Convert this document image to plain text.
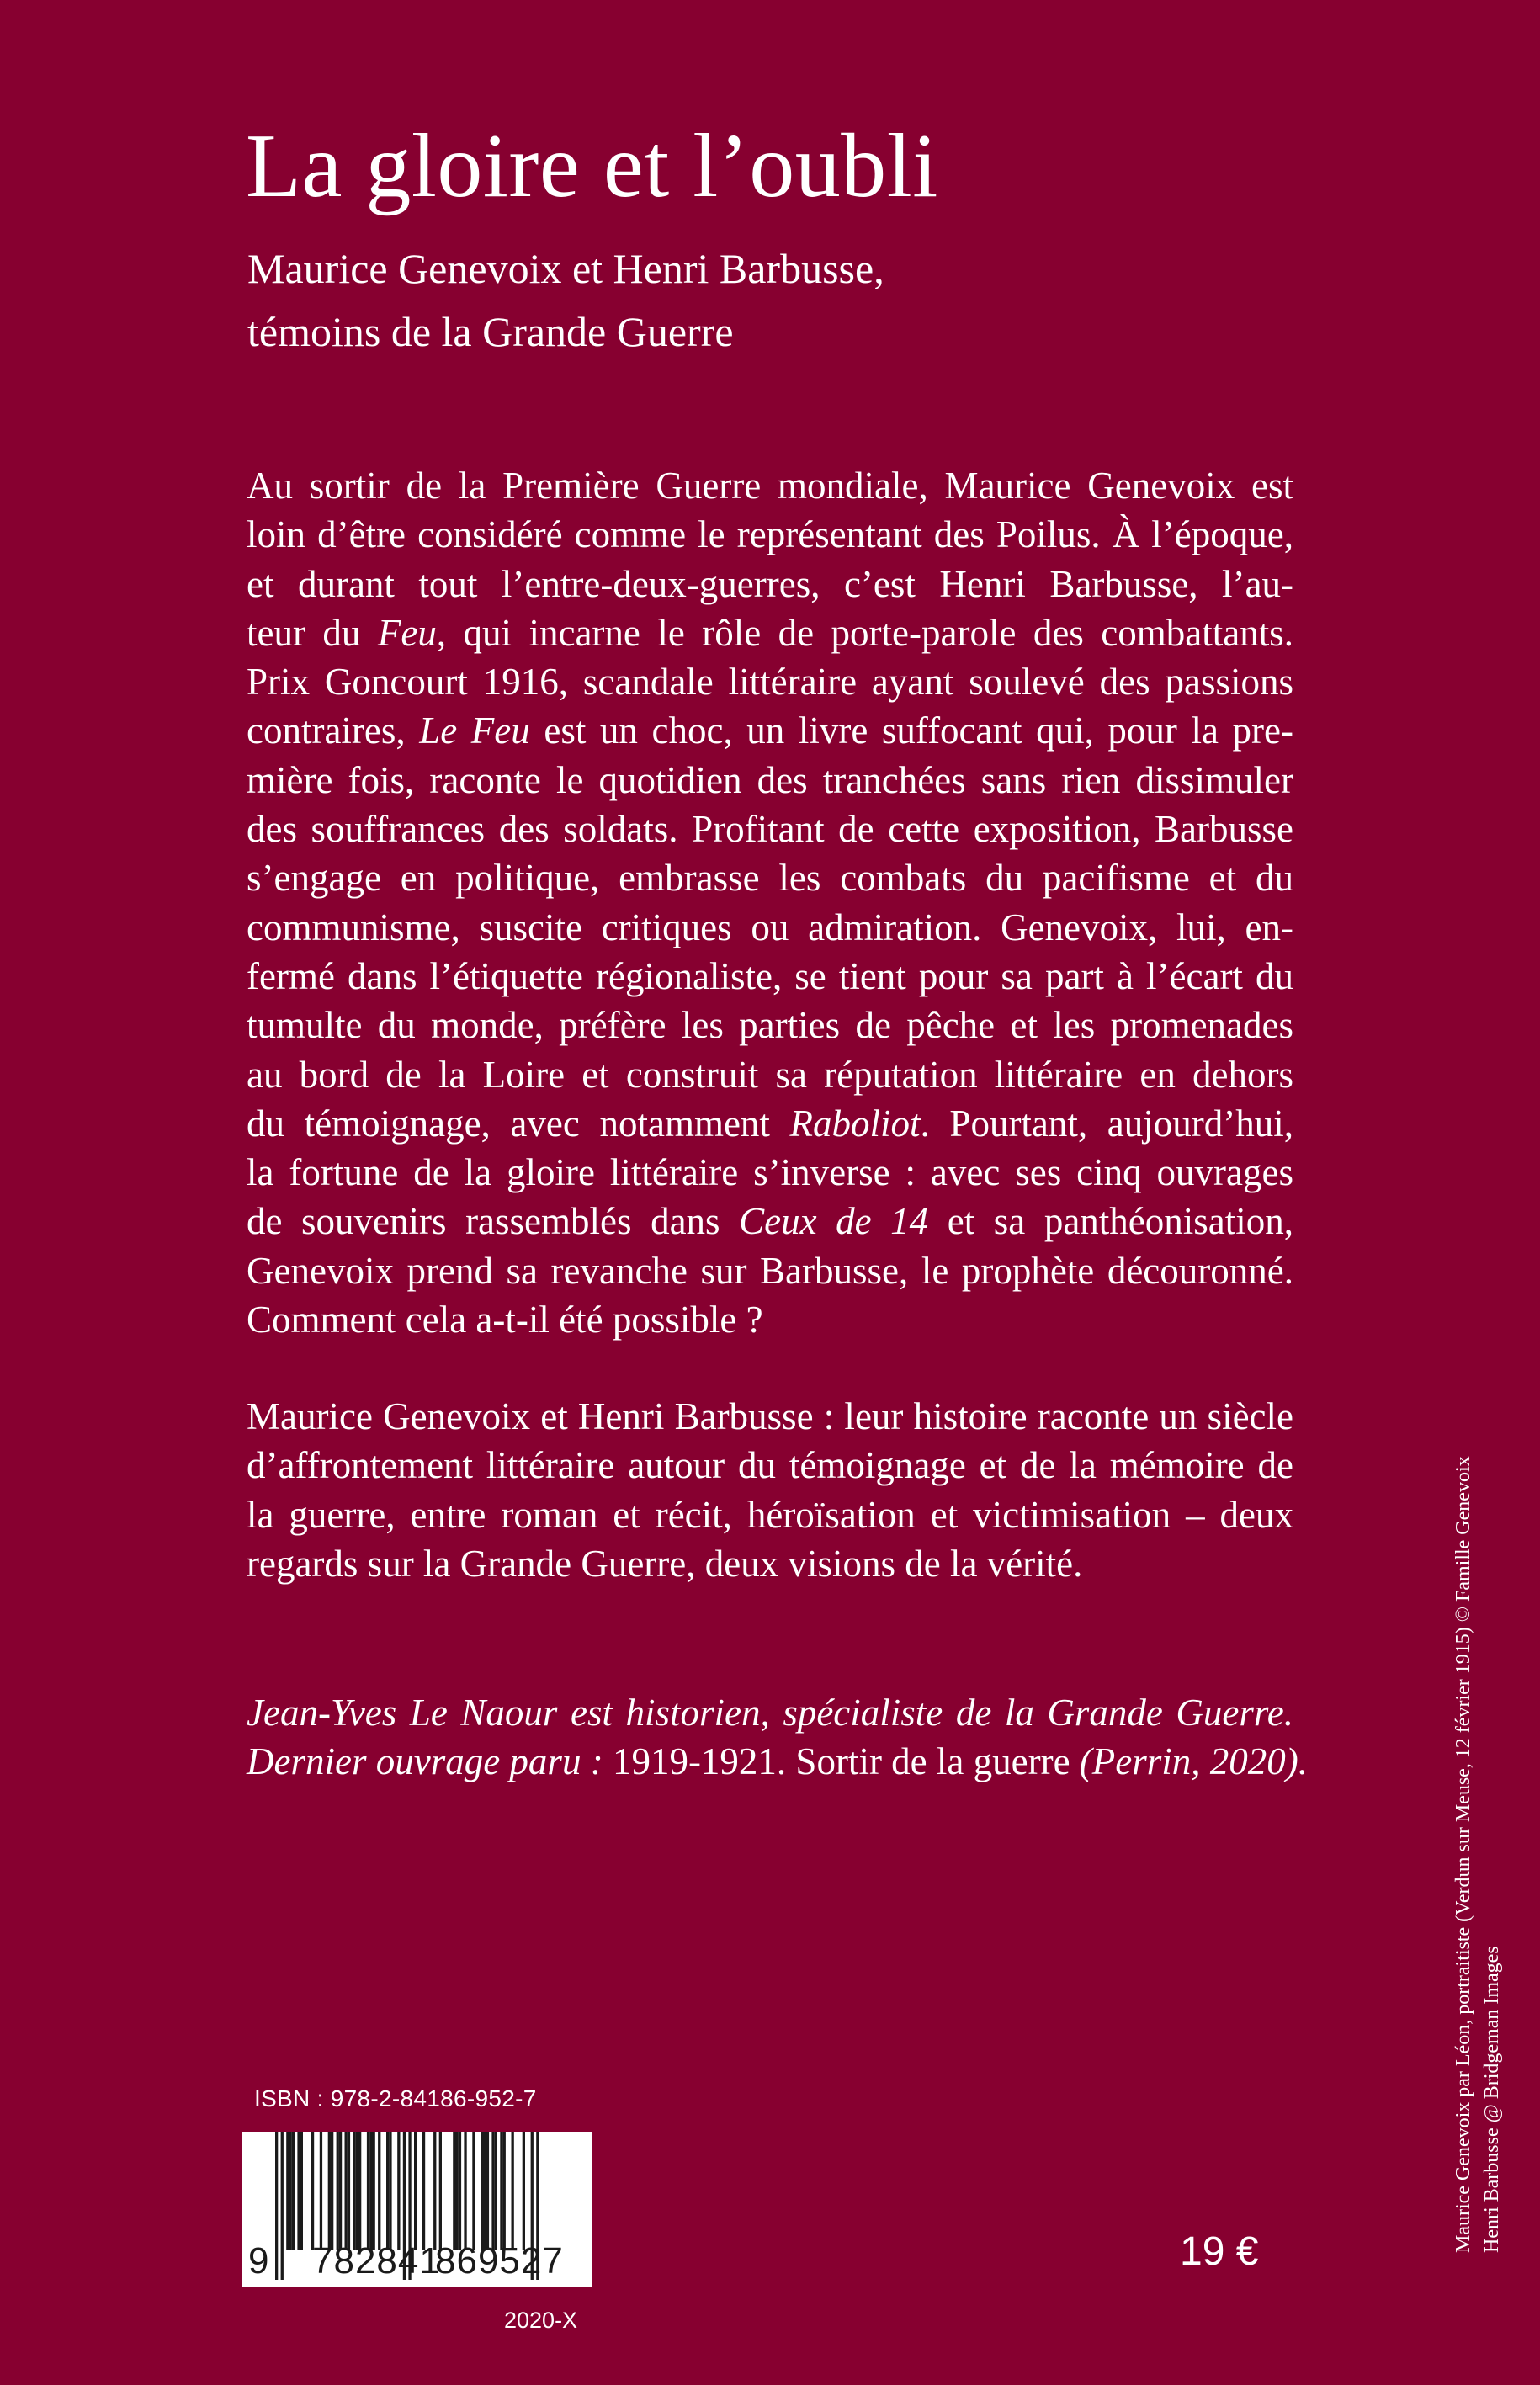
La gloire et l’oubli
Maurice Genevoix et Henri Barbusse,
témoins de la Grande Guerre
Au sortir de la Première Guerre mondiale, Maurice Genevoix est
loin d’être considéré comme le représentant des Poilus. À l’époque,
et durant tout l’entre-deux-guerres, c’est Henri Barbusse, l’au-
teur du Feu, qui incarne le rôle de porte-parole des combattants.
Prix Goncourt 1916, scandale littéraire ayant soulevé des passions
contraires, Le Feu est un choc, un livre suffocant qui, pour la pre-
mière fois, raconte le quotidien des tranchées sans rien dissimuler
des souffrances des soldats. Profitant de cette exposition, Barbusse
s’engage en politique, embrasse les combats du pacifisme et du
communisme, suscite critiques ou admiration. Genevoix, lui, en-
fermé dans l’étiquette régionaliste, se tient pour sa part à l’écart du
tumulte du monde, préfère les parties de pêche et les promenades
au bord de la Loire et construit sa réputation littéraire en dehors
du témoignage, avec notamment Raboliot. Pourtant, aujourd’hui,
la fortune de la gloire littéraire s’inverse : avec ses cinq ouvrages
de souvenirs rassemblés dans Ceux de 14 et sa panthéonisation,
Genevoix prend sa revanche sur Barbusse, le prophète découronné.
Comment cela a-t-il été possible ?
Maurice Genevoix et Henri Barbusse : leur histoire raconte un siècle
d’affrontement littéraire autour du témoignage et de la mémoire de
la guerre, entre roman et récit, héroïsation et victimisation – deux
regards sur la Grande Guerre, deux visions de la vérité.
Jean-Yves Le Naour est historien, spécialiste de la Grande Guerre.
Dernier ouvrage paru : 1919-1921. Sortir de la guerre (Perrin, 2020).
ISBN : 978-2-84186-952-7
9 782841
869527
2020-X
19 €	Maurice Genevoix par Léon, portraitiste (Verdun sur Meuse, 12 février 1915) © Famille Genevoix Henri Barbusse @ Bridgeman Images
